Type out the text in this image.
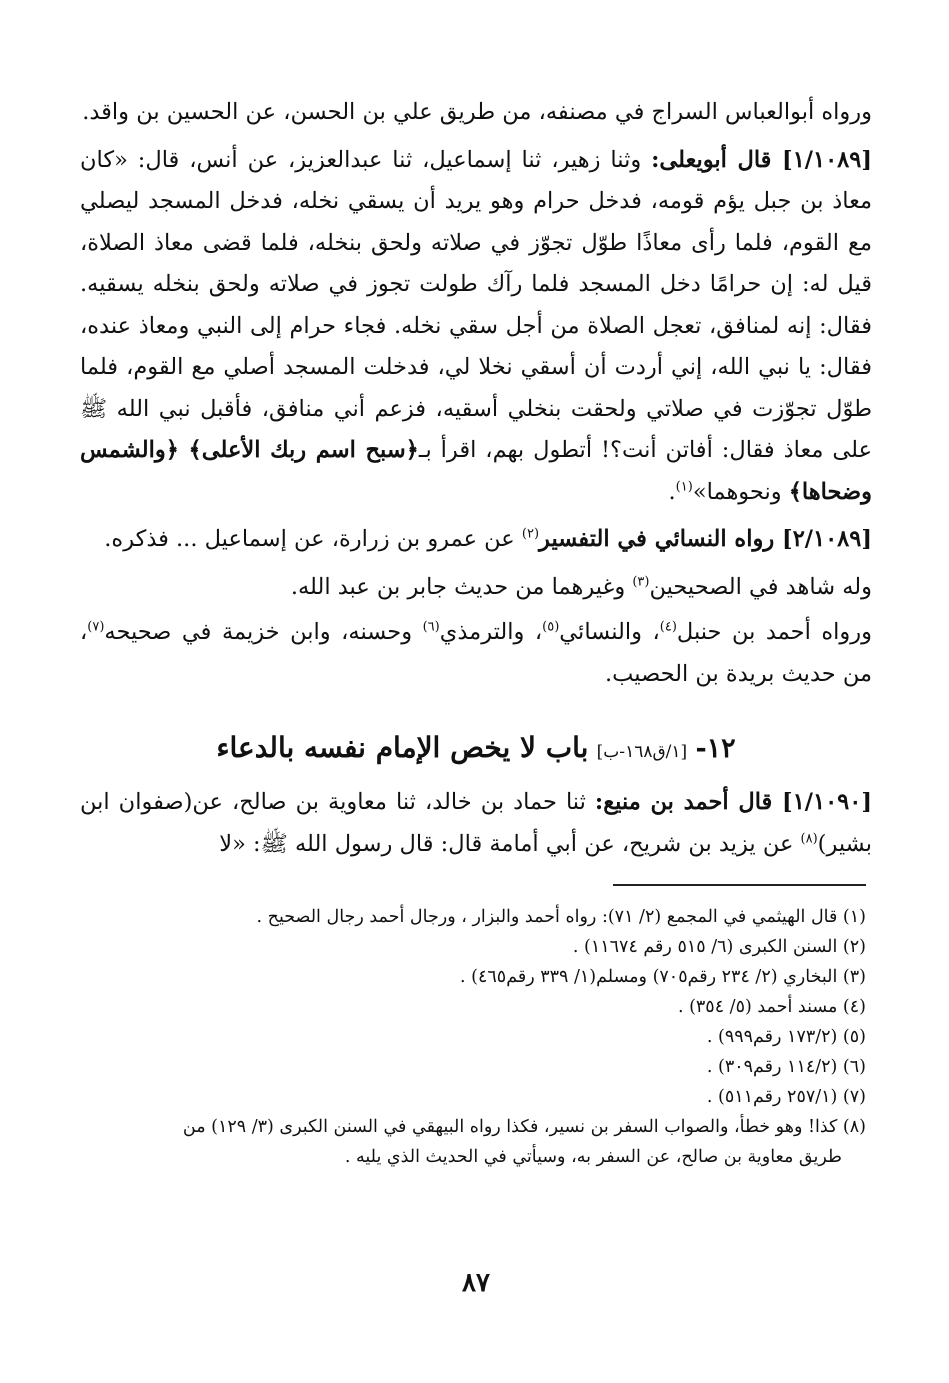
ورواه أبوالعباس السراج في مصنفه، من طريق علي بن الحسن، عن الحسين بن واقد.

[١/١٠٨٩] قال أبويعلى: وثنا زهير، ثنا إسماعيل، ثنا عبدالعزيز، عن أنس، قال: «كان معاذ بن جبل يؤم قومه، فدخل حرام وهو يريد أن يسقي نخله، فدخل المسجد ليصلي مع القوم، فلما رأى معاذًا طوّل تجوّز في صلاته ولحق بنخله، فلما قضى معاذ الصلاة، قيل له: إن حرامًا دخل المسجد فلما رآك طولت تجوز في صلاته ولحق بنخله يسقيه. فقال: إنه لمنافق، تعجل الصلاة من أجل سقي نخله. فجاء حرام إلى النبي ومعاذ عنده، فقال: يا نبي الله، إني أردت أن أسقي نخلا لي، فدخلت المسجد أصلي مع القوم، فلما طوّل تجوّزت في صلاتي ولحقت بنخلي أسقيه، فزعم أني منافق، فأقبل نبي الله ﷺ على معاذ فقال: أفاتن أنت؟! أتطول بهم، اقرأ بـ﴿سبح اسم ربك الأعلى﴾ ﴿والشمس وضحاها﴾ ونحوهما»$^{(١)}$.

[٢/١٠٨٩] رواه النسائي في التفسير$^{(٢)}$ عن عمرو بن زرارة، عن إسماعيل ... فذكره.

وله شاهد في الصحيحين$^{(٣)}$ وغيرهما من حديث جابر بن عبد الله.

ورواه أحمد بن حنبل$^{(٤)}$، والنسائي$^{(٥)}$، والترمذي$^{(٦)}$ وحسنه، وابن خزيمة في صحيحه$^{(٧)}$، من حديث بريدة بن الحصيب.

١٢- [١/ق١٦٨-ب] باب لا يخص الإمام نفسه بالدعاء

[١/١٠٩٠] قال أحمد بن منيع: ثنا حماد بن خالد، ثنا معاوية بن صالح، عن(صفوان ابن بشير)$^{(٨)}$ عن يزيد بن شريح، عن أبي أمامة قال: قال رسول الله ﷺ: «لا

(١) قال الهيثمي في المجمع (٢/ ٧١): رواه أحمد والبزار ، ورجال أحمد رجال الصحيح .

(٢) السنن الكبرى (٦/ ٥١٥ رقم ١١٦٧٤) .

(٣) البخاري (٢/ ٢٣٤ رقم٧٠٥) ومسلم(١/ ٣٣٩ رقم٤٦٥) .

(٤) مسند أحمد (٥/ ٣٥٤) .

(٥) (١٧٣/٢ رقم٩٩٩) .

(٦) (١١٤/٢ رقم٣٠٩) .

(٧) (٢٥٧/١ رقم٥١١) .

(٨) كذا! وهو خطأ، والصواب السفر بن نسير، فكذا رواه البيهقي في السنن الكبرى (٣/ ١٢٩) من

طريق معاوية بن صالح، عن السفر به، وسيأتي في الحديث الذي يليه .

٨٧
